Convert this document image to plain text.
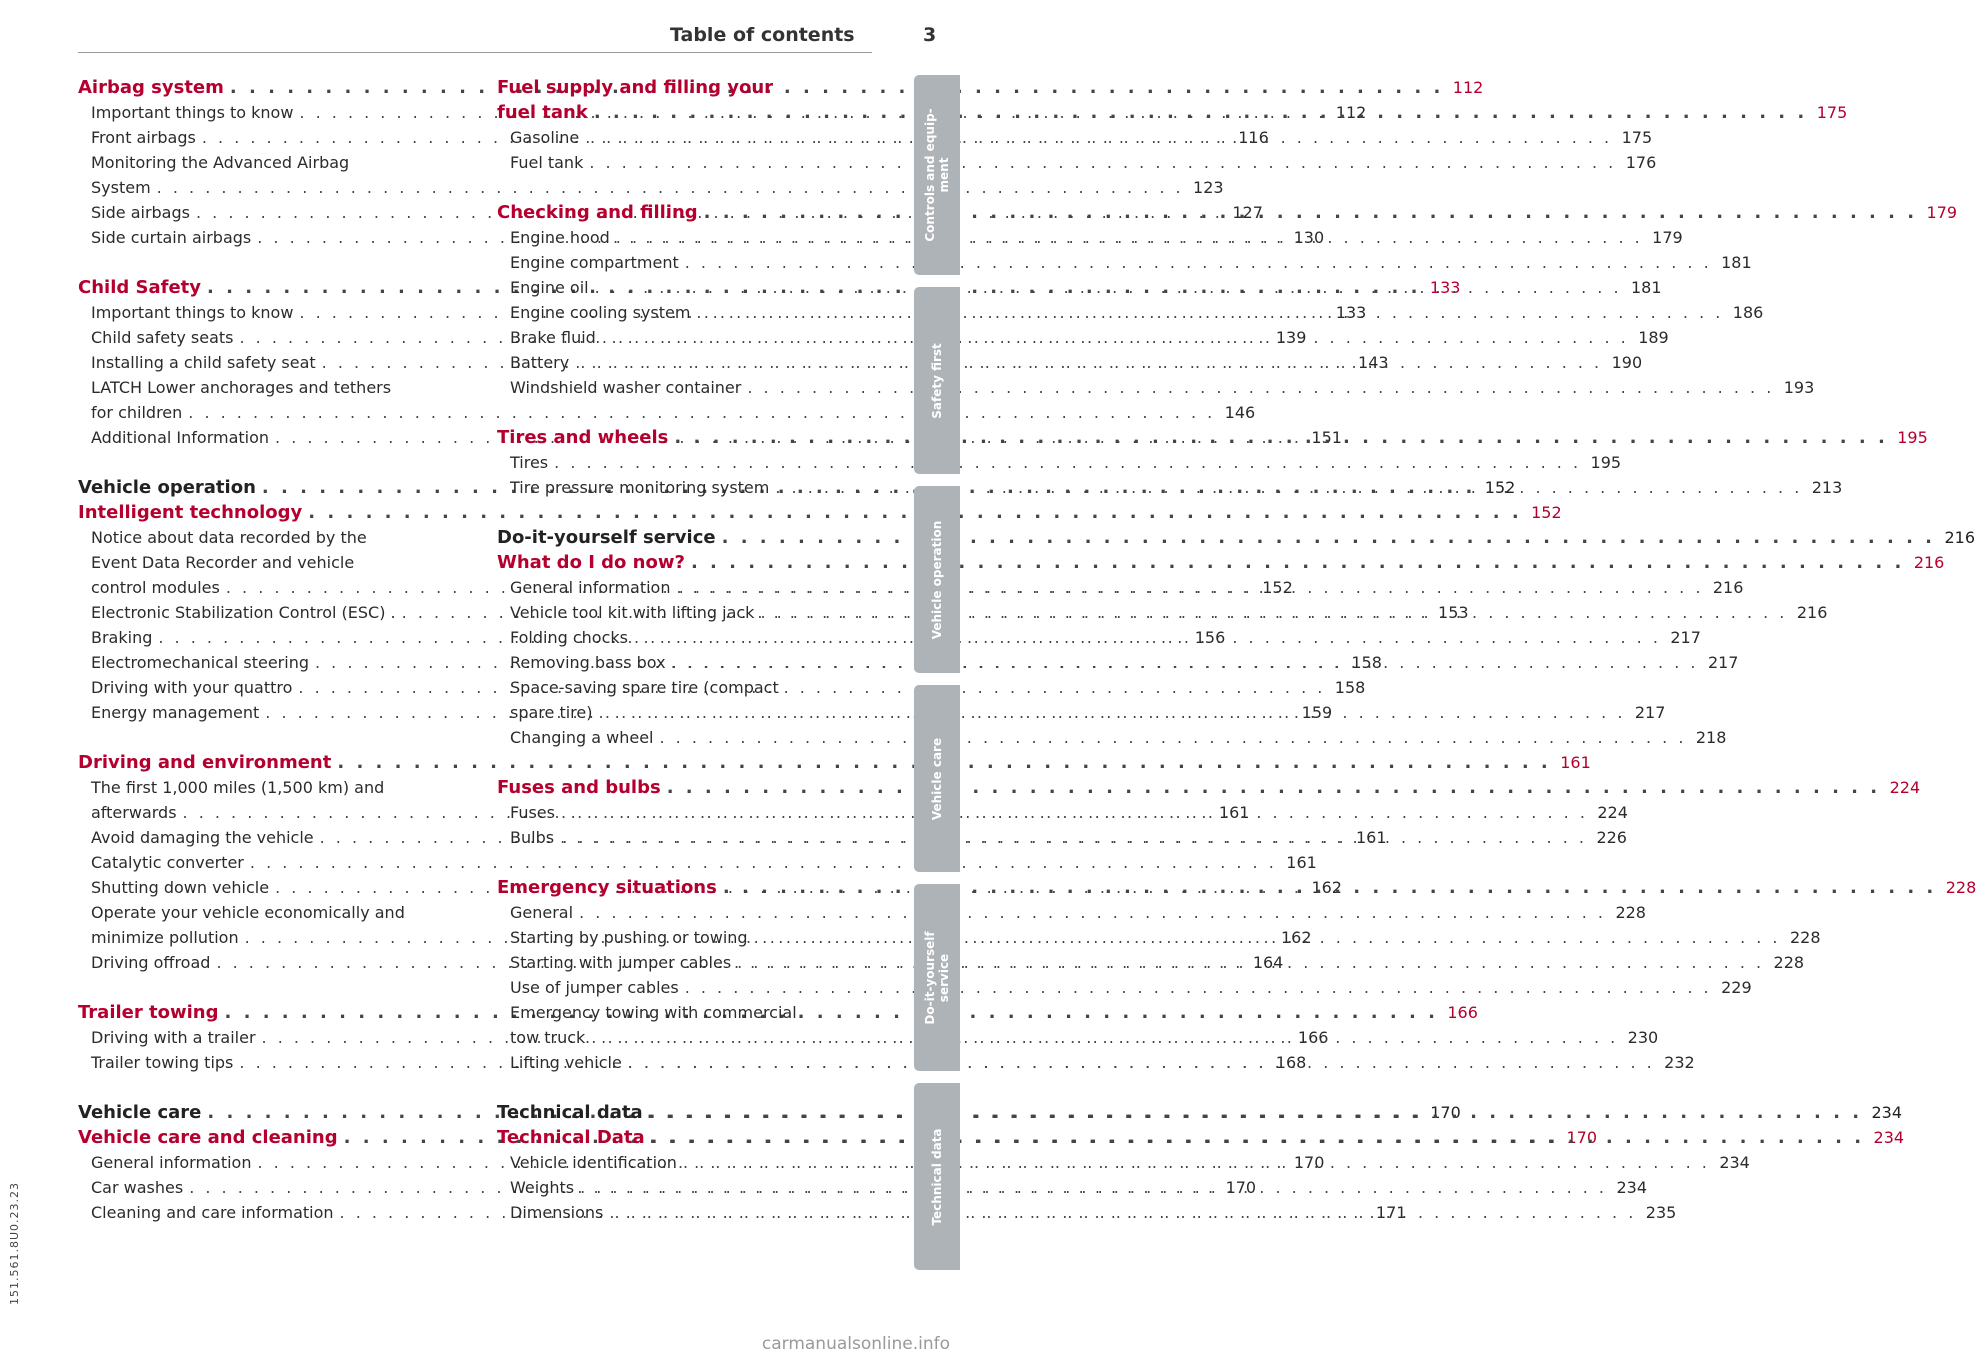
Table of contents	3
Airbag system . . .	112
Important things to know . . .	112
Front airbags . . .	116
Monitoring the Advanced Airbag
System . . .	123
Side airbags . . .	127
Side curtain airbags . . .	130
Child Safety . . .	133
Important things to know . . .	133
Child safety seats . . .	139
Installing a child safety seat . . .	143
LATCH Lower anchorages and tethers
for children . . .	146
Additional Information . . .	151
Vehicle operation . . .	152
Intelligent technology . . .	152
Notice about data recorded by the
Event Data Recorder and vehicle
control modules . . .	152
Electronic Stabilization Control (ESC) . . . .	153
Braking . . .	156
Electromechanical steering . . .	158
Driving with your quattro . . .	158
Energy management . . .	159
Driving and environment . . .	161
The first 1,000 miles (1,500 km) and
afterwards . . .	161
Avoid damaging the vehicle . . .	161
Catalytic converter . . .	161
Shutting down vehicle . . .	162
Operate your vehicle economically and
minimize pollution . . .	162
Driving offroad . . .	164
Trailer towing . . .	166
Driving with a trailer . . .	166
Trailer towing tips . . .	168
Vehicle care . . .	170
Vehicle care and cleaning . . .	170
General information . . .	170
Car washes . . .	170
Cleaning and care information . . .	171
Fuel supply and filling your
fuel tank . . .	175
Gasoline . . .	175
Fuel tank . . .	176
Checking and filling . . .	179
Engine hood . . .	179
Engine compartment . . .	181
Engine oil . . .	181
Engine cooling system . . .	186
Brake fluid . . .	189
Battery . . .	190
Windshield washer container . . .	193
Tires and wheels . . .	195
Tires . . .	195
Tire pressure monitoring system . . .	213
Do-it-yourself service . . .	216
What do I do now? . . .	216
General information . . .	216
Vehicle tool kit with lifting jack . . .	216
Folding chocks . . .	217
Removing bass box . . .	217
Space-saving spare tire (compact
spare tire) . . .	217
Changing a wheel . . .	218
Fuses and bulbs . . .	224
Fuses . . .	224
Bulbs . . .	226
Emergency situations . . .	228
General . . .	228
Starting by pushing or towing . . .	228
Starting with jumper cables . . .	228
Use of jumper cables . . .	229
Emergency towing with commercial
tow truck . . .	230
Lifting vehicle . . .	232
Technical data . . .	234
Technical Data . . .	234
Vehicle identification . . .	234
Weights . . .	234
Dimensions . . .	235
Controls and equip-
ment
Safety first
Vehicle operation
Vehicle care
Do-it-yourself
service
Technical data
151.561.8U0.23.23
carmanualsonline.info
